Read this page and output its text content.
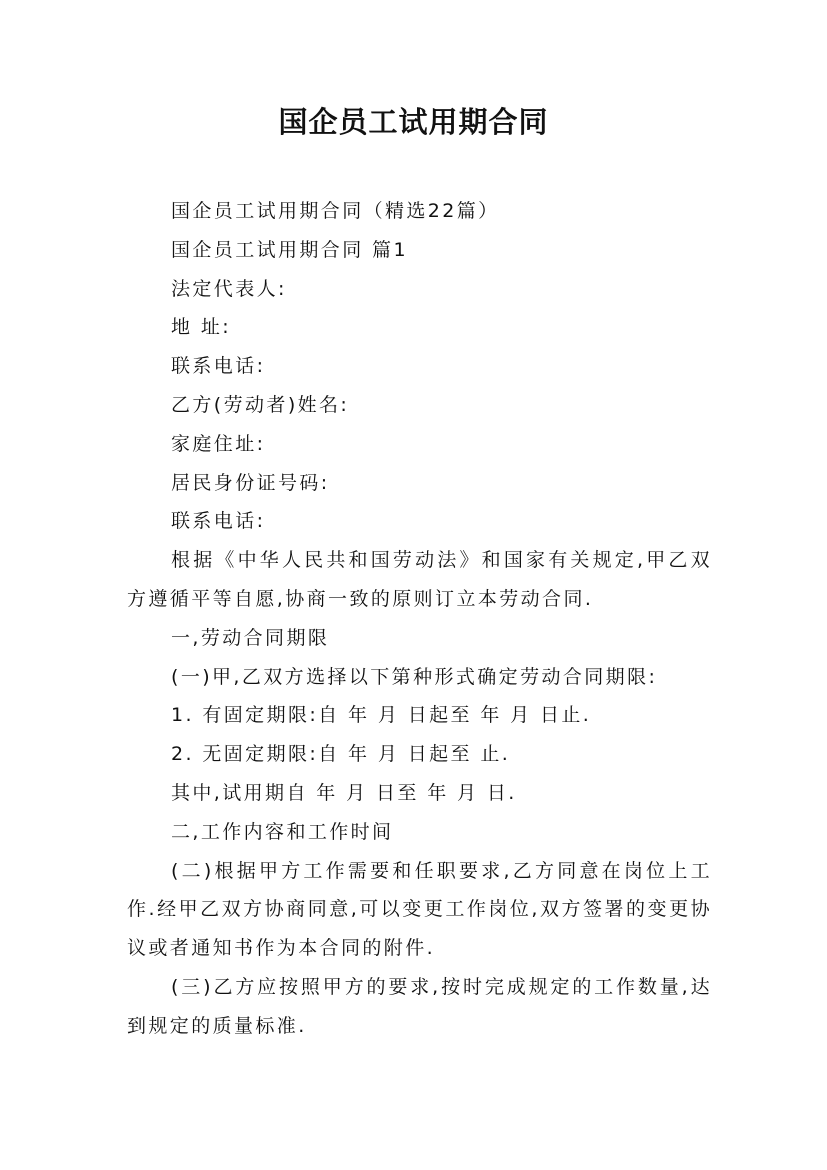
国企员工试用期合同

国企员工试用期合同（精选22篇）

国企员工试用期合同 篇1

法定代表人:

地 址:

联系电话:

乙方(劳动者)姓名:

家庭住址:

居民身份证号码:

联系电话:

根据《中华人民共和国劳动法》和国家有关规定,甲乙双方遵循平等自愿,协商一致的原则订立本劳动合同.

一,劳动合同期限

(一)甲,乙双方选择以下第种形式确定劳动合同期限:

1. 有固定期限:自 年 月 日起至 年 月 日止.

2. 无固定期限:自 年 月 日起至 止.

其中,试用期自 年 月 日至 年 月 日.

二,工作内容和工作时间

(二)根据甲方工作需要和任职要求,乙方同意在岗位上工作.经甲乙双方协商同意,可以变更工作岗位,双方签署的变更协议或者通知书作为本合同的附件.

(三)乙方应按照甲方的要求,按时完成规定的工作数量,达到规定的质量标准.
